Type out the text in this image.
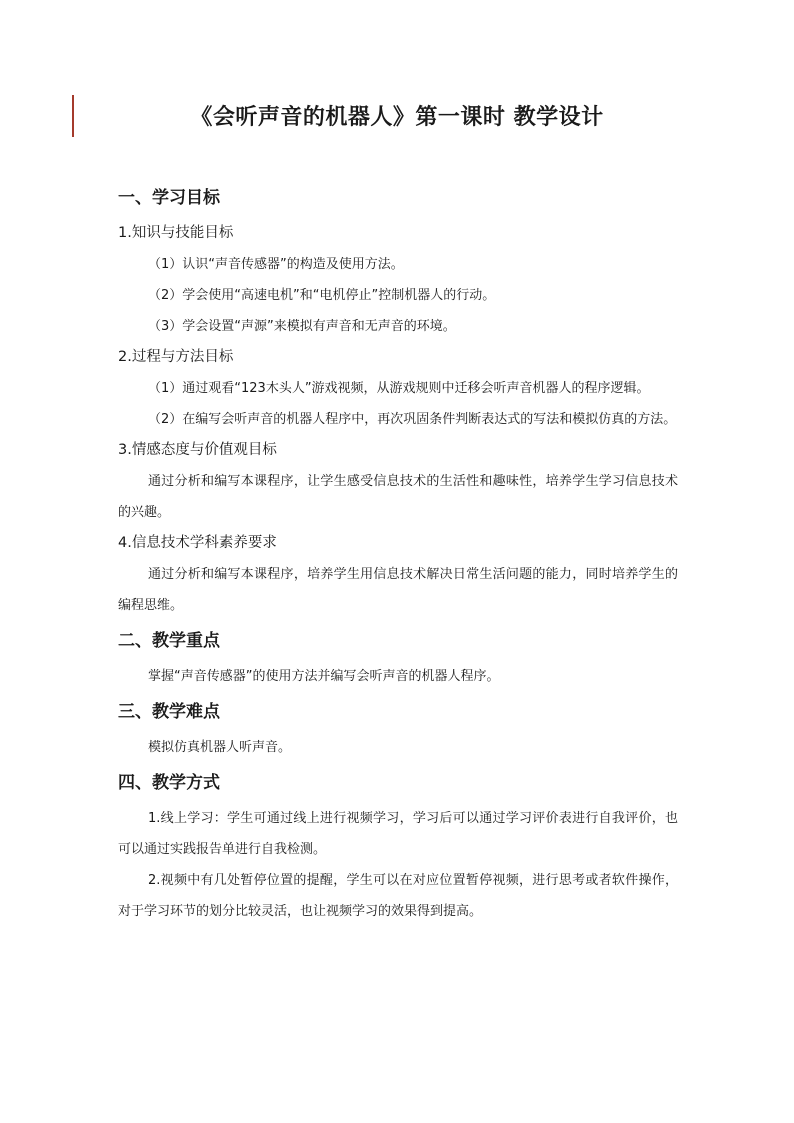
《会听声音的机器人》第一课时 教学设计
一、学习目标

1.知识与技能目标

（1）认识“声音传感器”的构造及使用方法。

（2）学会使用“高速电机”和“电机停止”控制机器人的行动。

（3）学会设置“声源”来模拟有声音和无声音的环境。

2.过程与方法目标

（1）通过观看“123木头人”游戏视频，从游戏规则中迁移会听声音机器人的程序逻辑。

（2）在编写会听声音的机器人程序中，再次巩固条件判断表达式的写法和模拟仿真的方法。

3.情感态度与价值观目标

通过分析和编写本课程序，让学生感受信息技术的生活性和趣味性，培养学生学习信息技术的兴趣。

4.信息技术学科素养要求

通过分析和编写本课程序，培养学生用信息技术解决日常生活问题的能力，同时培养学生的编程思维。

二、教学重点

掌握“声音传感器”的使用方法并编写会听声音的机器人程序。

三、教学难点

模拟仿真机器人听声音。

四、教学方式

1.线上学习：学生可通过线上进行视频学习，学习后可以通过学习评价表进行自我评价，也可以通过实践报告单进行自我检测。

2.视频中有几处暂停位置的提醒，学生可以在对应位置暂停视频，进行思考或者软件操作，对于学习环节的划分比较灵活，也让视频学习的效果得到提高。
